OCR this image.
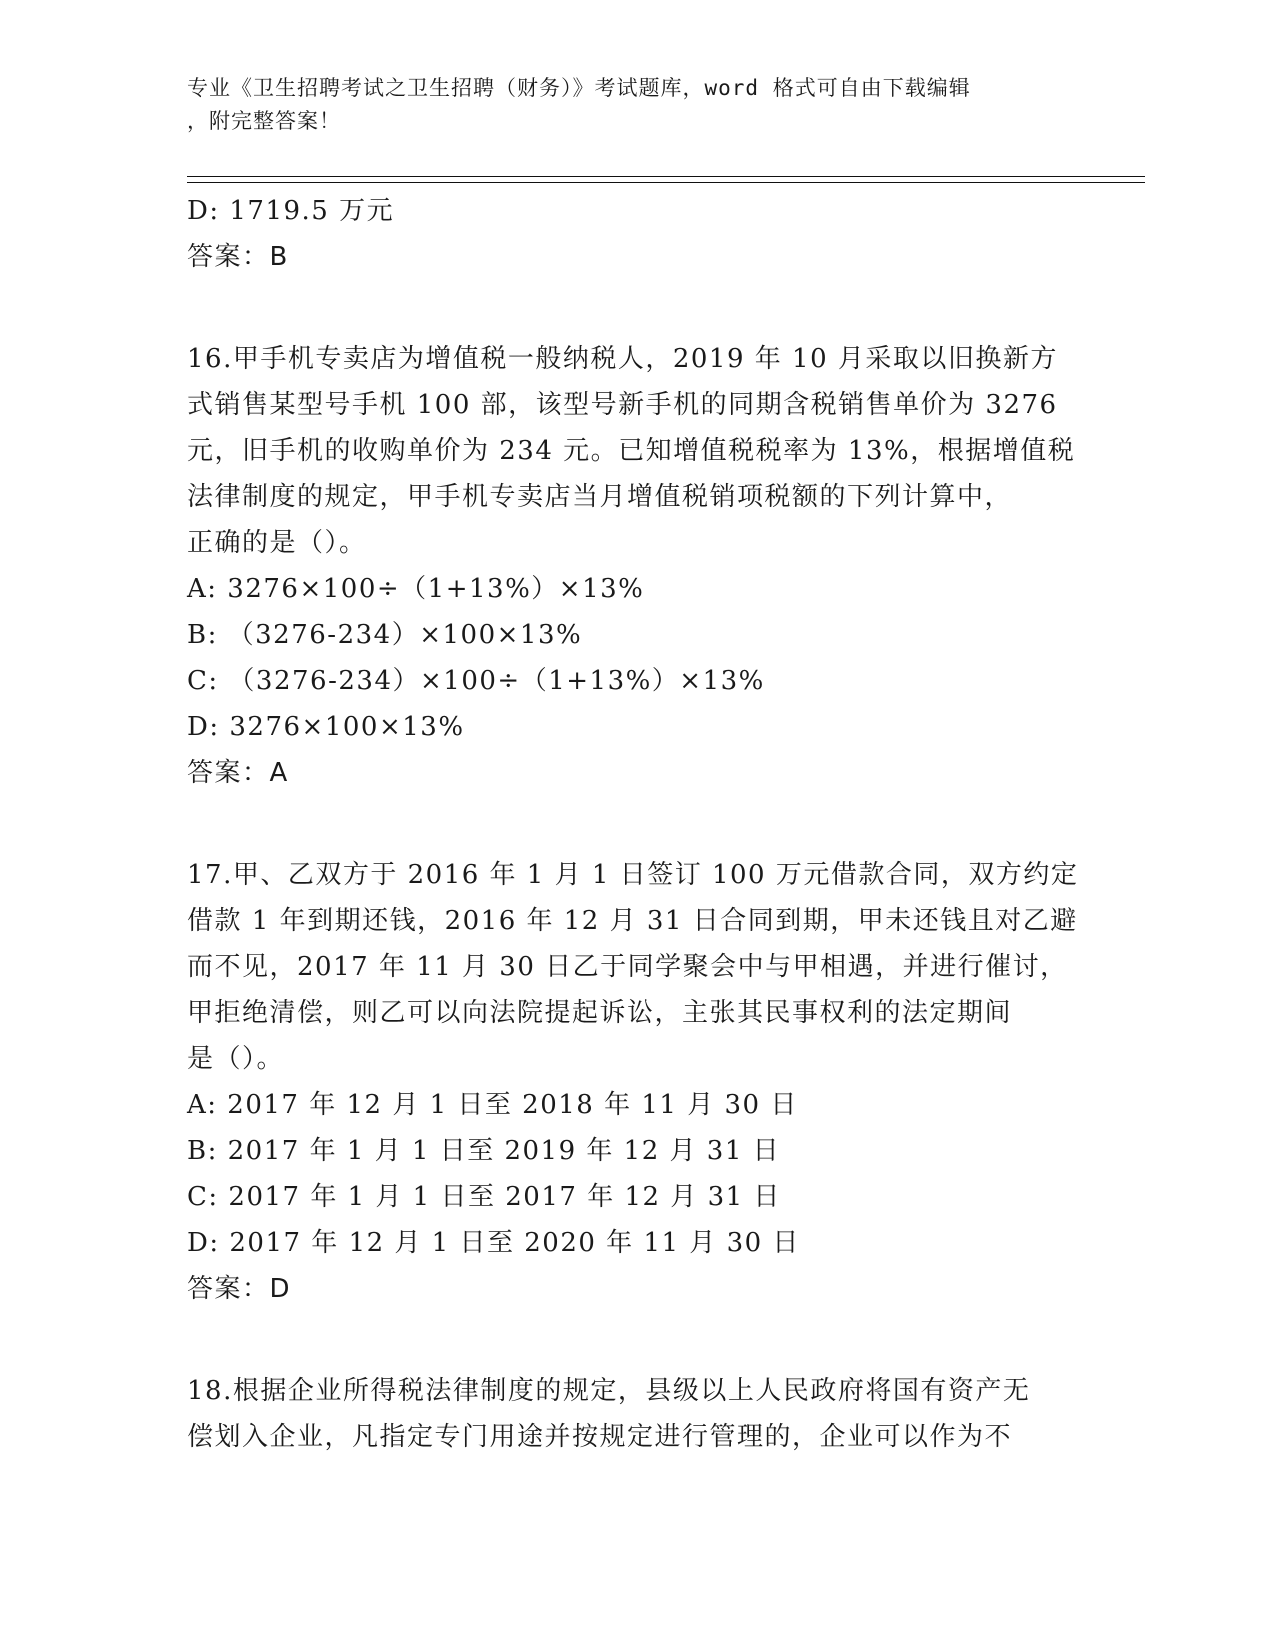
专业《卫生招聘考试之卫生招聘（财务）》考试题库，word 格式可自由下载编辑
，附完整答案！
D: 1719.5 万元
答案：B
16.甲手机专卖店为增值税一般纳税人，2019 年 10 月采取以旧换新方
式销售某型号手机 100 部，该型号新手机的同期含税销售单价为 3276
元，旧手机的收购单价为 234 元。已知增值税税率为 13%，根据增值税
法律制度的规定，甲手机专卖店当月增值税销项税额的下列计算中，
正确的是（）。
A: 3276×100÷（1+13%）×13%
B: （3276-234）×100×13%
C: （3276-234）×100÷（1+13%）×13%
D: 3276×100×13%
答案：A
17.甲、乙双方于 2016 年 1 月 1 日签订 100 万元借款合同，双方约定
借款 1 年到期还钱，2016 年 12 月 31 日合同到期，甲未还钱且对乙避
而不见，2017 年 11 月 30 日乙于同学聚会中与甲相遇，并进行催讨，
甲拒绝清偿，则乙可以向法院提起诉讼，主张其民事权利的法定期间
是（）。
A: 2017 年 12 月 1 日至 2018 年 11 月 30 日
B: 2017 年 1 月 1 日至 2019 年 12 月 31 日
C: 2017 年 1 月 1 日至 2017 年 12 月 31 日
D: 2017 年 12 月 1 日至 2020 年 11 月 30 日
答案：D
18.根据企业所得税法律制度的规定，县级以上人民政府将国有资产无
偿划入企业，凡指定专门用途并按规定进行管理的，企业可以作为不
